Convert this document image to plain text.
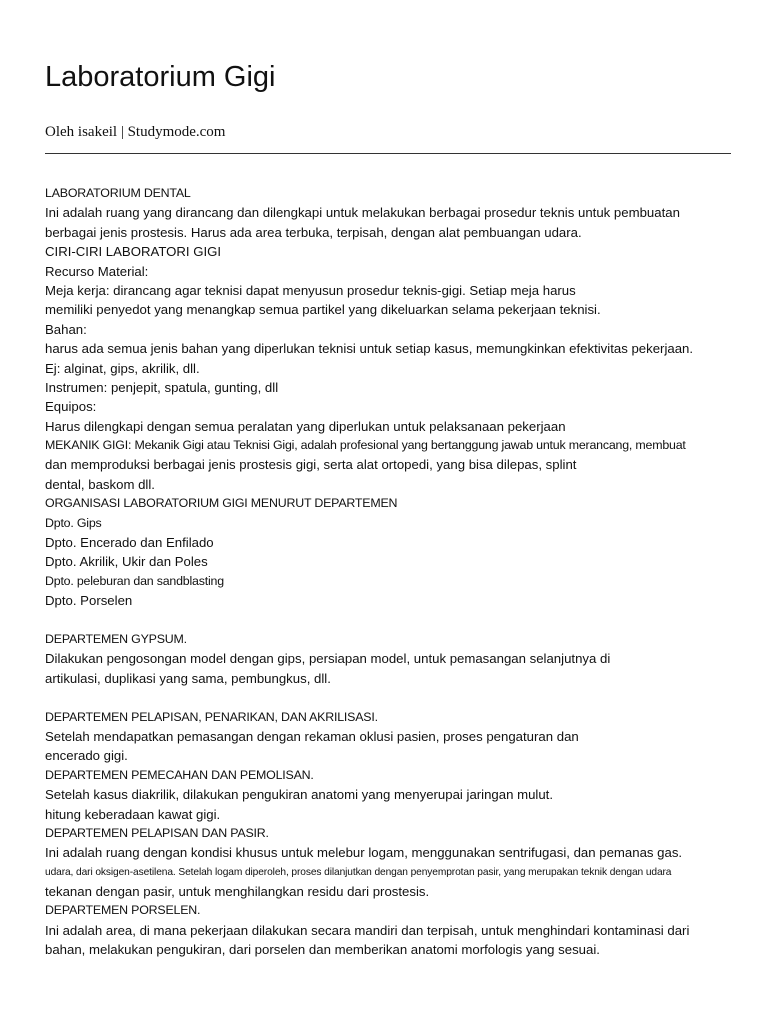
Laboratorium Gigi
Oleh isakeil | Studymode.com
LABORATORIUM DENTAL
Ini adalah ruang yang dirancang dan dilengkapi untuk melakukan berbagai prosedur teknis untuk pembuatan
berbagai jenis prostesis. Harus ada area terbuka, terpisah, dengan alat pembuangan udara.
CIRI-CIRI LABORATORI GIGI
Recurso Material:
Meja kerja: dirancang agar teknisi dapat menyusun prosedur teknis-gigi. Setiap meja harus
memiliki penyedot yang menangkap semua partikel yang dikeluarkan selama pekerjaan teknisi.
Bahan:
harus ada semua jenis bahan yang diperlukan teknisi untuk setiap kasus, memungkinkan efektivitas pekerjaan.
Ej: alginat, gips, akrilik, dll.
Instrumen: penjepit, spatula, gunting, dll
Equipos:
Harus dilengkapi dengan semua peralatan yang diperlukan untuk pelaksanaan pekerjaan
MEKANIK GIGI: Mekanik Gigi atau Teknisi Gigi, adalah profesional yang bertanggung jawab untuk merancang, membuat
dan memproduksi berbagai jenis prostesis gigi, serta alat ortopedi, yang bisa dilepas, splint
dental, baskom dll.
ORGANISASI LABORATORIUM GIGI MENURUT DEPARTEMEN
Dpto. Gips
Dpto. Encerado dan Enfilado
Dpto. Akrilik, Ukir dan Poles
Dpto. peleburan dan sandblasting
Dpto. Porselen
DEPARTEMEN GYPSUM.
Dilakukan pengosongan model dengan gips, persiapan model, untuk pemasangan selanjutnya di
artikulasi, duplikasi yang sama, pembungkus, dll.
DEPARTEMEN PELAPISAN, PENARIKAN, DAN AKRILISASI.
Setelah mendapatkan pemasangan dengan rekaman oklusi pasien, proses pengaturan dan
encerado gigi.
DEPARTEMEN PEMECAHAN DAN PEMOLISAN.
Setelah kasus diakrilik, dilakukan pengukiran anatomi yang menyerupai jaringan mulut.
hitung keberadaan kawat gigi.
DEPARTEMEN PELAPISAN DAN PASIR.
Ini adalah ruang dengan kondisi khusus untuk melebur logam, menggunakan sentrifugasi, dan pemanas gas.
udara, dari oksigen-asetilena. Setelah logam diperoleh, proses dilanjutkan dengan penyemprotan pasir, yang merupakan teknik dengan udara
tekanan dengan pasir, untuk menghilangkan residu dari prostesis.
DEPARTEMEN PORSELEN.
Ini adalah area, di mana pekerjaan dilakukan secara mandiri dan terpisah, untuk menghindari kontaminasi dari
bahan, melakukan pengukiran, dari porselen dan memberikan anatomi morfologis yang sesuai.
